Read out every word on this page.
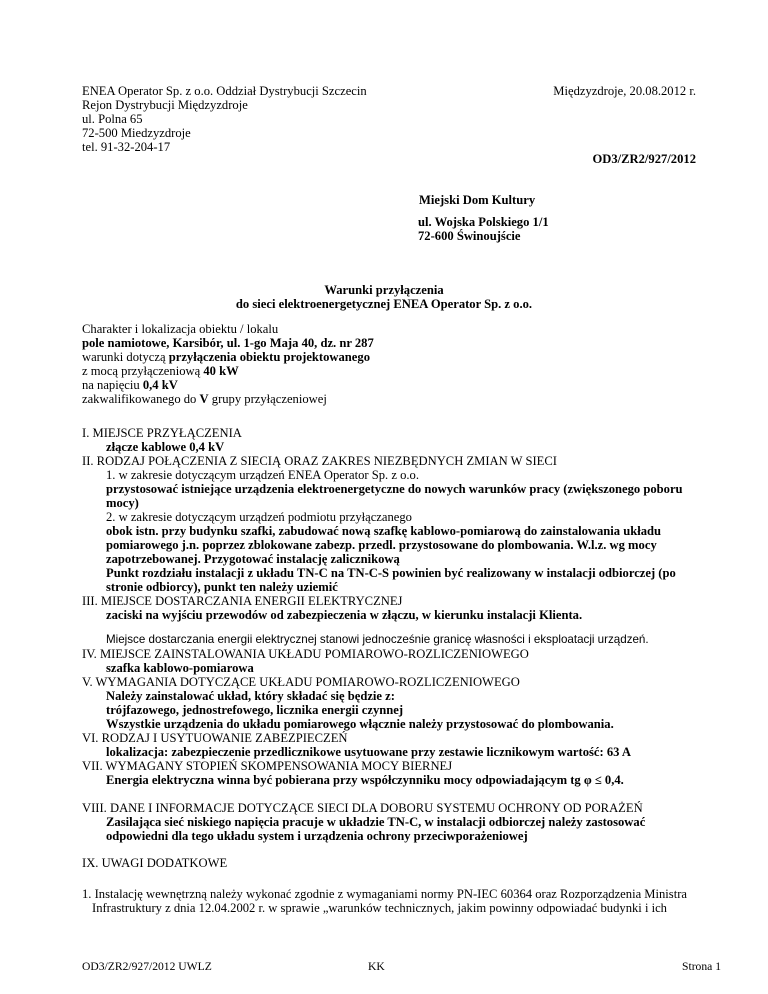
ENEA Operator Sp. z o.o. Oddział Dystrybucji Szczecin
Rejon Dystrybucji Międzyzdroje
ul. Polna 65
72-500 Miedzyzdroje
tel. 91-32-204-17
Międzyzdroje, 20.08.2012 r.
OD3/ZR2/927/2012
Miejski Dom Kultury
ul. Wojska Polskiego 1/1
72-600 Świnoujście
Warunki przyłączenia
do sieci elektroenergetycznej ENEA Operator Sp. z o.o.
Charakter i lokalizacja obiektu / lokalu
pole namiotowe, Karsibór, ul. 1-go Maja 40, dz. nr 287
warunki dotyczą przyłączenia obiektu projektowanego
z mocą przyłączeniową 40 kW
na napięciu 0,4 kV
zakwalifikowanego do V grupy przyłączeniowej
I. MIEJSCE PRZYŁĄCZENIA
złącze kablowe 0,4 kV
II. RODZAJ POŁĄCZENIA Z SIECIĄ ORAZ ZAKRES NIEZBĘDNYCH ZMIAN W SIECI
1. w zakresie dotyczącym urządzeń ENEA Operator Sp. z o.o.
przystosować istniejące urządzenia elektroenergetyczne do nowych warunków pracy (zwiększonego poboru
mocy)
2. w zakresie dotyczącym urządzeń podmiotu przyłączanego
obok istn. przy budynku szafki, zabudować nową szafkę kablowo-pomiarową do zainstalowania układu
pomiarowego j.n. poprzez zblokowane zabezp. przedl. przystosowane do plombowania. W.l.z. wg mocy
zapotrzebowanej. Przygotować instalację zalicznikową
Punkt rozdziału instalacji z układu TN-C na TN-C-S powinien być realizowany w instalacji odbiorczej (po
stronie odbiorcy), punkt ten należy uziemić
III. MIEJSCE DOSTARCZANIA ENERGII ELEKTRYCZNEJ
zaciski na wyjściu przewodów od zabezpieczenia w złączu, w kierunku instalacji Klienta.
Miejsce dostarczania energii elektrycznej stanowi jednocześnie granicę własności i eksploatacji urządzeń.
IV. MIEJSCE ZAINSTALOWANIA UKŁADU POMIAROWO-ROZLICZENIOWEGO
szafka kablowo-pomiarowa
V. WYMAGANIA DOTYCZĄCE UKŁADU POMIAROWO-ROZLICZENIOWEGO
Należy zainstalować układ, który składać się będzie z:
trójfazowego, jednostrefowego, licznika energii czynnej
Wszystkie urządzenia do układu pomiarowego włącznie należy przystosować do plombowania.
VI. RODZAJ I USYTUOWANIE ZABEZPIECZEŃ
lokalizacja: zabezpieczenie przedlicznikowe usytuowane przy zestawie licznikowym wartość: 63 A
VII. WYMAGANY STOPIEŃ SKOMPENSOWANIA MOCY BIERNEJ
Energia elektryczna winna być pobierana przy współczynniku mocy odpowiadającym tg φ ≤ 0,4.
VIII. DANE I INFORMACJE DOTYCZĄCE SIECI DLA DOBORU SYSTEMU OCHRONY OD PORAŻEŃ
Zasilająca sieć niskiego napięcia pracuje w układzie TN-C, w instalacji odbiorczej należy zastosować
odpowiedni dla tego układu system i urządzenia ochrony przeciwporażeniowej
IX. UWAGI DODATKOWE
1. Instalację wewnętrzną należy wykonać zgodnie z wymaganiami normy PN-IEC 60364 oraz Rozporządzenia Ministra
Infrastruktury z dnia 12.04.2002 r. w sprawie „warunków technicznych, jakim powinny odpowiadać budynki i ich
OD3/ZR2/927/2012 UWLZ	KK	Strona 1
